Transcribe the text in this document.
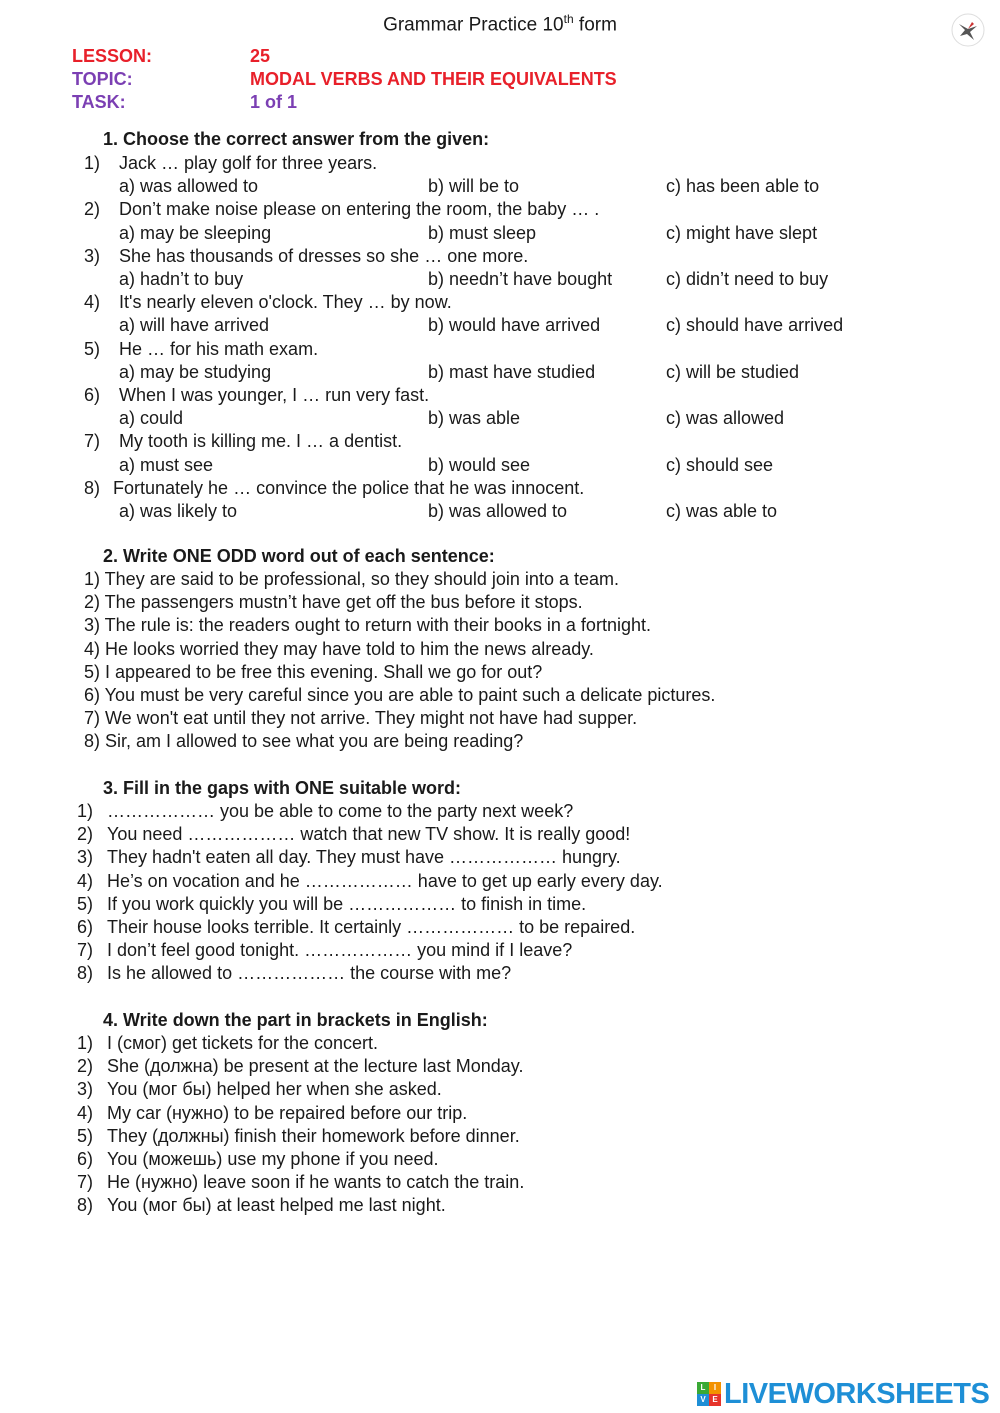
Grammar Practice 10th form
LESSON:	25
TOPIC:	MODAL VERBS AND THEIR EQUIVALENTS
TASK:	1 of 1
1. Choose the correct answer from the given:
1) Jack … play golf for three years.
a) was allowed to	b) will be to	c) has been able to
2) Don’t make noise please on entering the room, the baby … .
a) may be sleeping	b) must sleep	c) might have slept
3) She has thousands of dresses so she … one more.
a) hadn’t to buy	b) needn’t have bought	c) didn’t need to buy
4) It's nearly eleven o'clock. They … by now.
a) will have arrived	b) would have arrived	c) should have arrived
5) He … for his math exam.
a) may be studying	b) mast have studied	c) will be studied
6) When I was younger, I … run very fast.
a) could	b) was able	c) was allowed
7) My tooth is killing me. I … a dentist.
a) must see	b) would see	c) should see
8) Fortunately he … convince the police that he was innocent.
a) was likely to	b) was allowed to	c) was able to
2. Write ONE ODD word out of each sentence:
1) They are said to be professional, so they should join into a team.
2) The passengers mustn’t have get off the bus before it stops.
3) The rule is: the readers ought to return with their books in a fortnight.
4) He looks worried they may have told to him the news already.
5) I appeared to be free this evening. Shall we go for out?
6) You must be very careful since you are able to paint such a delicate pictures.
7) We won't eat until they not arrive. They might not have had supper.
8) Sir, am I allowed to see what you are being reading?
3. Fill in the gaps with ONE suitable word:
1) ……………… you be able to come to the party next week?
2) You need ……………… watch that new TV show. It is really good!
3) They hadn't eaten all day. They must have ……………… hungry.
4) He’s on vocation and he ……………… have to get up early every day.
5) If you work quickly you will be ……………… to finish in time.
6) Their house looks terrible. It certainly ……………… to be repaired.
7) I don’t feel good tonight. ……………… you mind if I leave?
8) Is he allowed to ……………… the course with me?
4. Write down the part in brackets in English:
1) I (смог) get tickets for the concert.
2) She (должна) be present at the lecture last Monday.
3) You (мог бы) helped her when she asked.
4) My car (нужно) to be repaired before our trip.
5) They (должны) finish their homework before dinner.
6) You (можешь) use my phone if you need.
7) He (нужно) leave soon if he wants to catch the train.
8) You (мог бы) at least helped me last night.
L	I
V E LIVEWORKSHEETS
